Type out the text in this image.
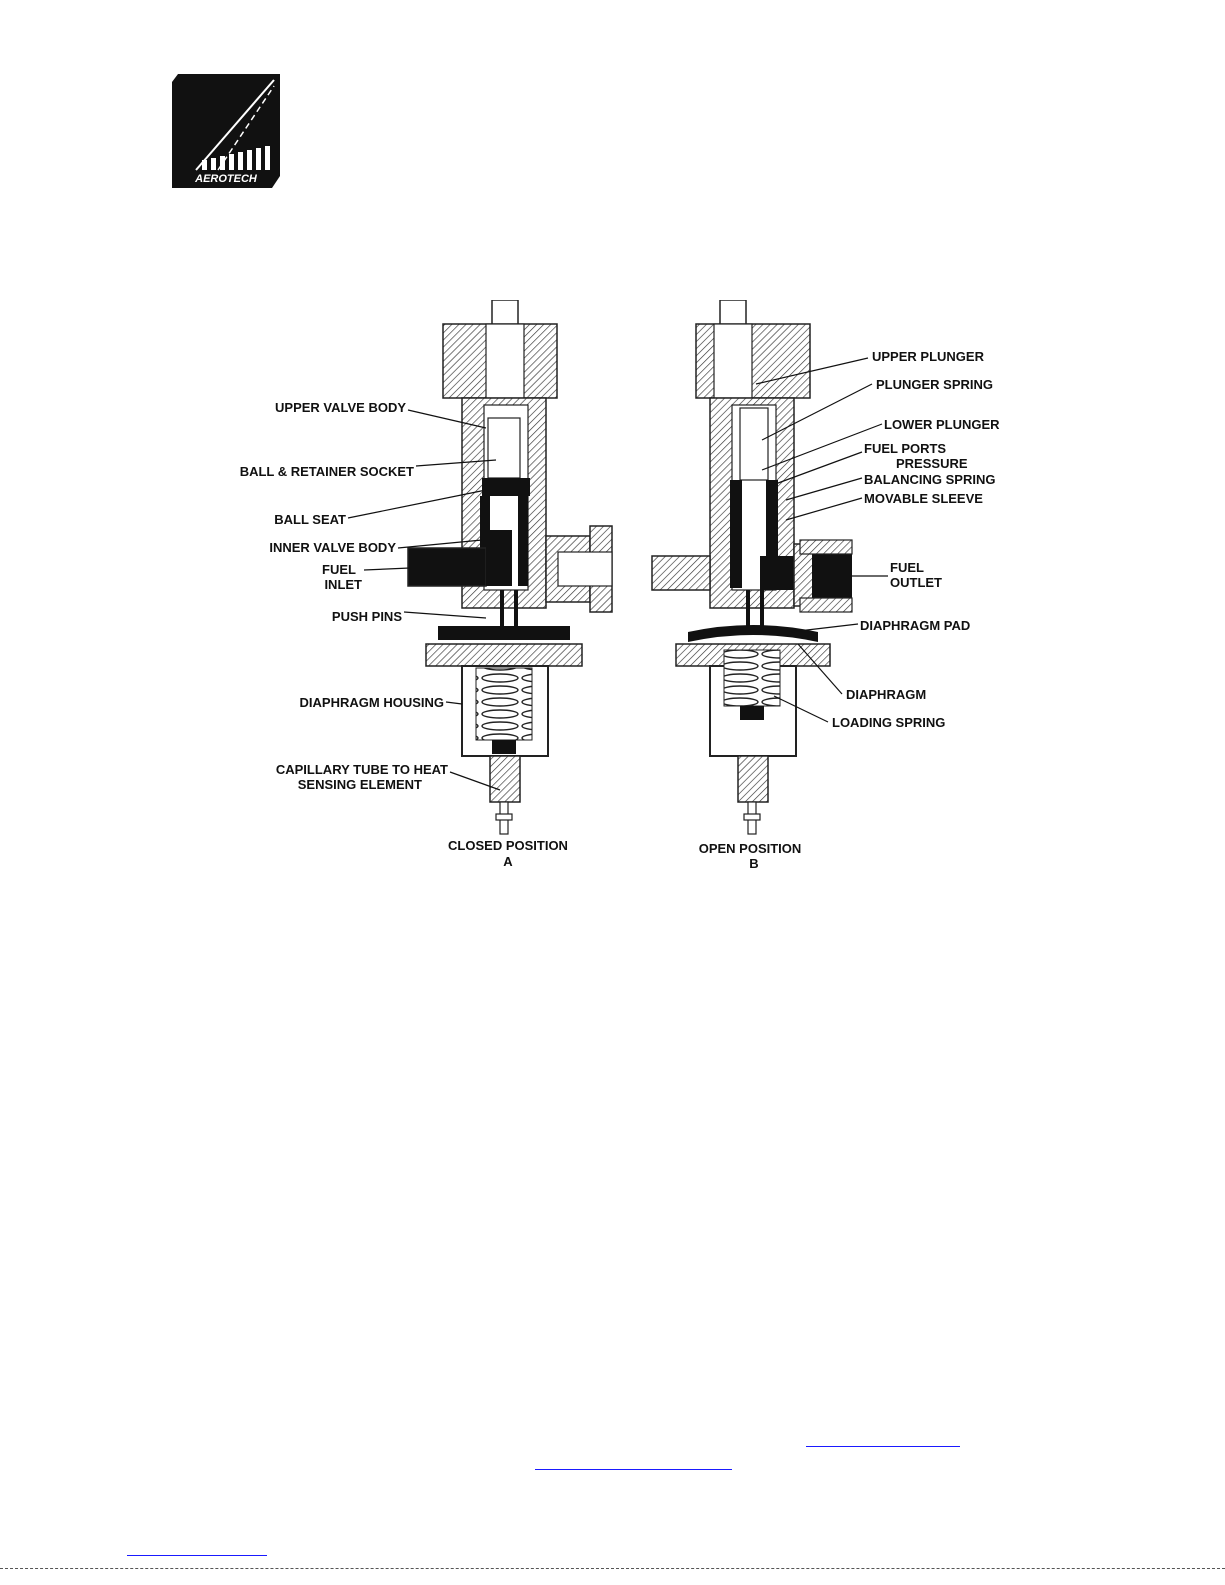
AEROTECH
UPPER VALVE BODY
BALL & RETAINER SOCKET
BALL SEAT
INNER VALVE BODY
FUEL
INLET
PUSH PINS
DIAPHRAGM HOUSING
CAPILLARY TUBE TO HEAT
SENSING ELEMENT
UPPER PLUNGER
PLUNGER SPRING
LOWER PLUNGER
FUEL PORTS
PRESSURE
BALANCING SPRING
MOVABLE SLEEVE
FUEL
OUTLET
DIAPHRAGM PAD
DIAPHRAGM
LOADING SPRING
CLOSED POSITION
A
OPEN POSITION
B
